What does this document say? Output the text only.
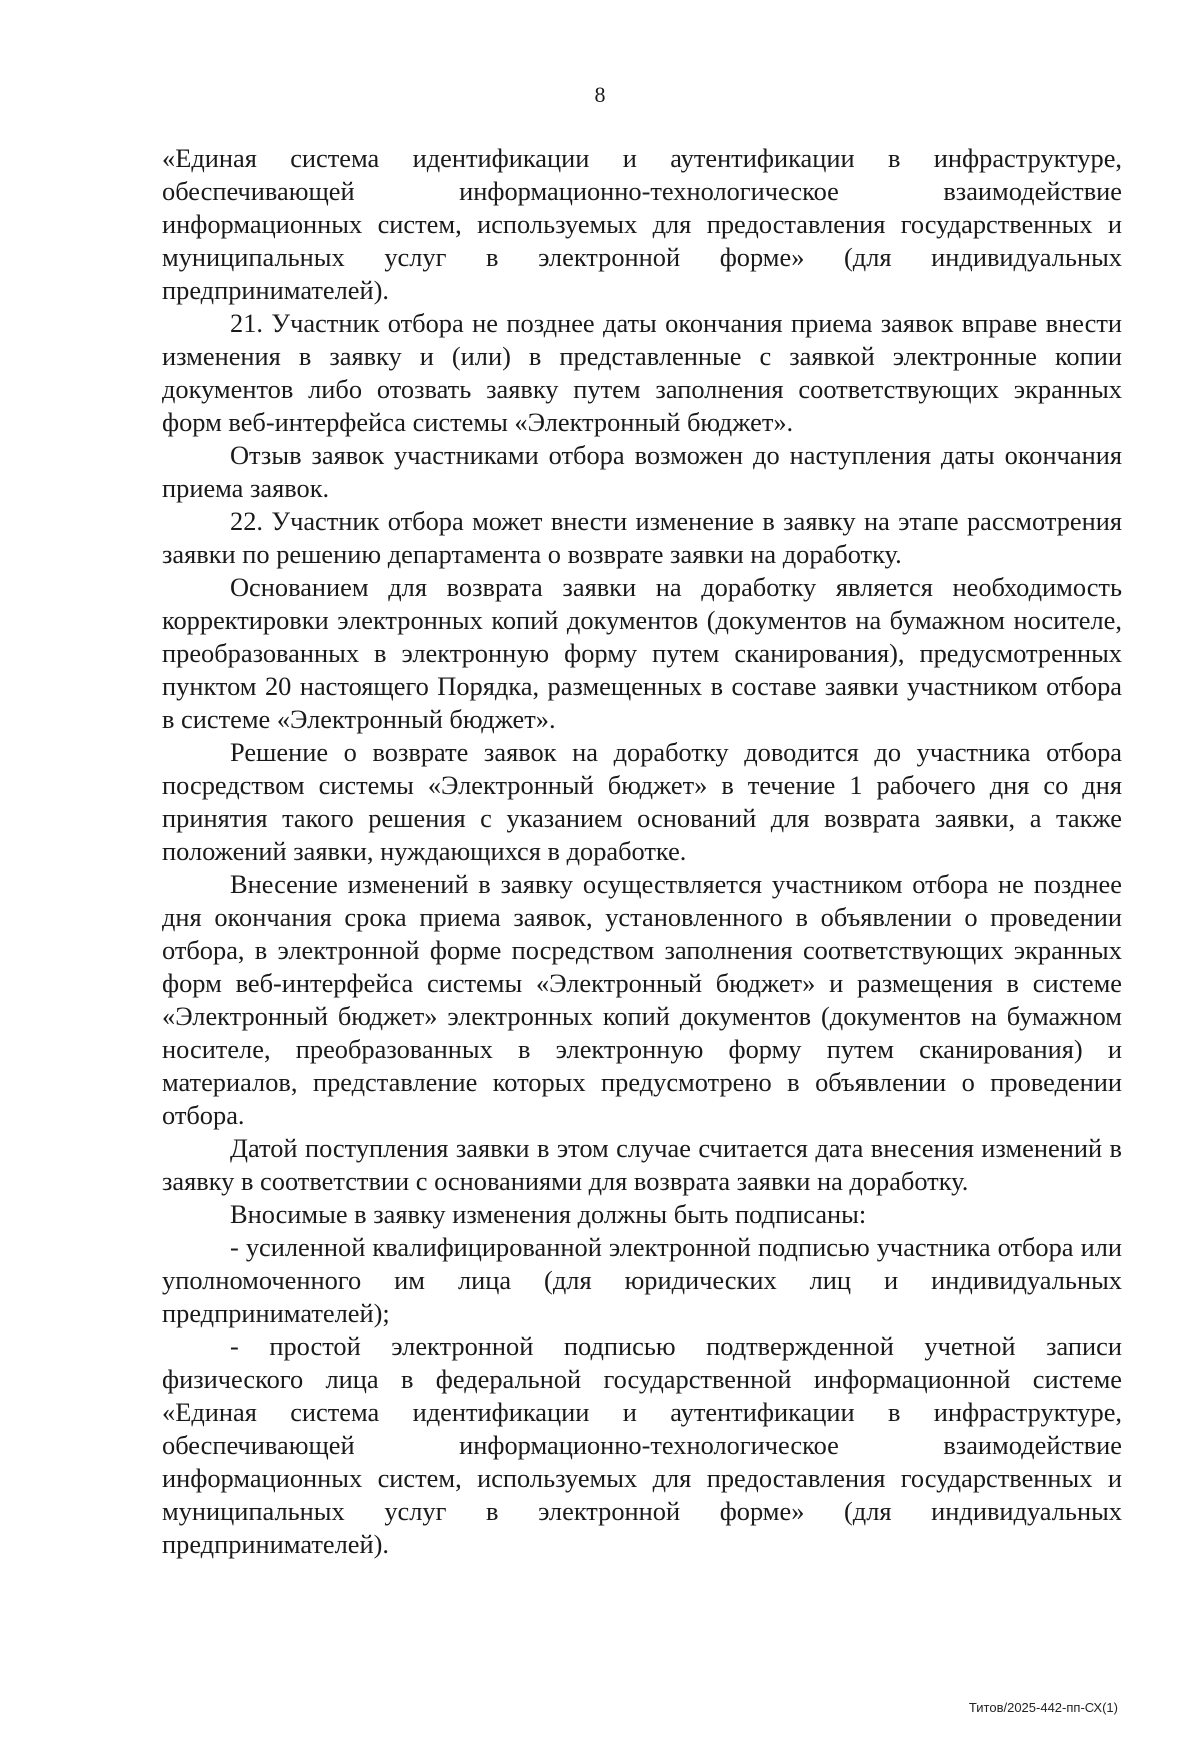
8

«Единая система идентификации и аутентификации в инфраструктуре, обеспечивающей информационно-технологическое взаимодействие информационных систем, используемых для предоставления государственных и муниципальных услуг в электронной форме» (для индивидуальных предпринимателей).

21. Участник отбора не позднее даты окончания приема заявок вправе внести изменения в заявку и (или) в представленные с заявкой электронные копии документов либо отозвать заявку путем заполнения соответствующих экранных форм веб-интерфейса системы «Электронный бюджет».

Отзыв заявок участниками отбора возможен до наступления даты окончания приема заявок.

22. Участник отбора может внести изменение в заявку на этапе рассмотрения заявки по решению департамента о возврате заявки на доработку.

Основанием для возврата заявки на доработку является необходимость корректировки электронных копий документов (документов на бумажном носителе, преобразованных в электронную форму путем сканирования), предусмотренных пунктом 20 настоящего Порядка, размещенных в составе заявки участником отбора в системе «Электронный бюджет».

Решение о возврате заявок на доработку доводится до участника отбора посредством системы «Электронный бюджет» в течение 1 рабочего дня со дня принятия такого решения с указанием оснований для возврата заявки, а также положений заявки, нуждающихся в доработке.

Внесение изменений в заявку осуществляется участником отбора не позднее дня окончания срока приема заявок, установленного в объявлении о проведении отбора, в электронной форме посредством заполнения соответствующих экранных форм веб-интерфейса системы «Электронный бюджет» и размещения в системе «Электронный бюджет» электронных копий документов (документов на бумажном носителе, преобразованных в электронную форму путем сканирования) и материалов, представление которых предусмотрено в объявлении о проведении отбора.

Датой поступления заявки в этом случае считается дата внесения изменений в заявку в соответствии с основаниями для возврата заявки на доработку.

Вносимые в заявку изменения должны быть подписаны:

- усиленной квалифицированной электронной подписью участника отбора или уполномоченного им лица (для юридических лиц и индивидуальных предпринимателей);

- простой электронной подписью подтвержденной учетной записи физического лица в федеральной государственной информационной системе «Единая система идентификации и аутентификации в инфраструктуре, обеспечивающей информационно-технологическое взаимодействие информационных систем, используемых для предоставления государственных и муниципальных услуг в электронной форме» (для индивидуальных предпринимателей).

Титов/2025-442-пп-СХ(1)
